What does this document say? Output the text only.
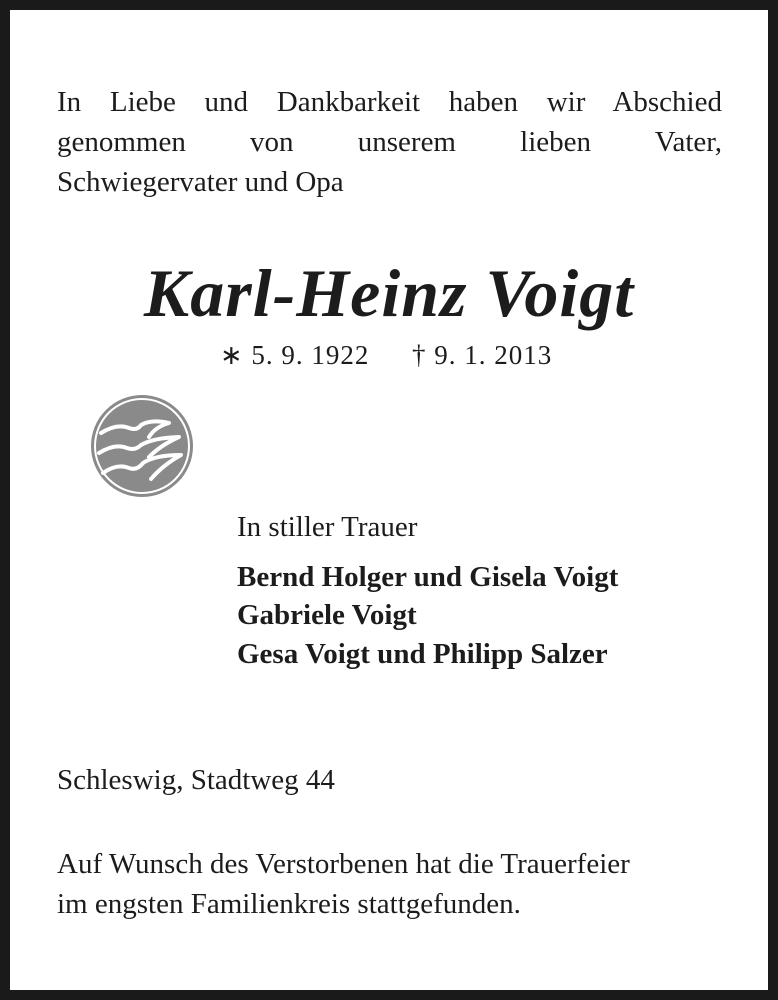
In Liebe und Dankbarkeit haben wir Abschied
genommen von unserem lieben Vater,
Schwiegervater und Opa
Karl-Heinz Voigt
∗ 5. 9. 1922 † 9. 1. 2013
In stiller Trauer
Bernd Holger und Gisela Voigt
Gabriele Voigt
Gesa Voigt und Philipp Salzer
Schleswig, Stadtweg 44
Auf Wunsch des Verstorbenen hat die Trauerfeier
im engsten Familienkreis stattgefunden.
